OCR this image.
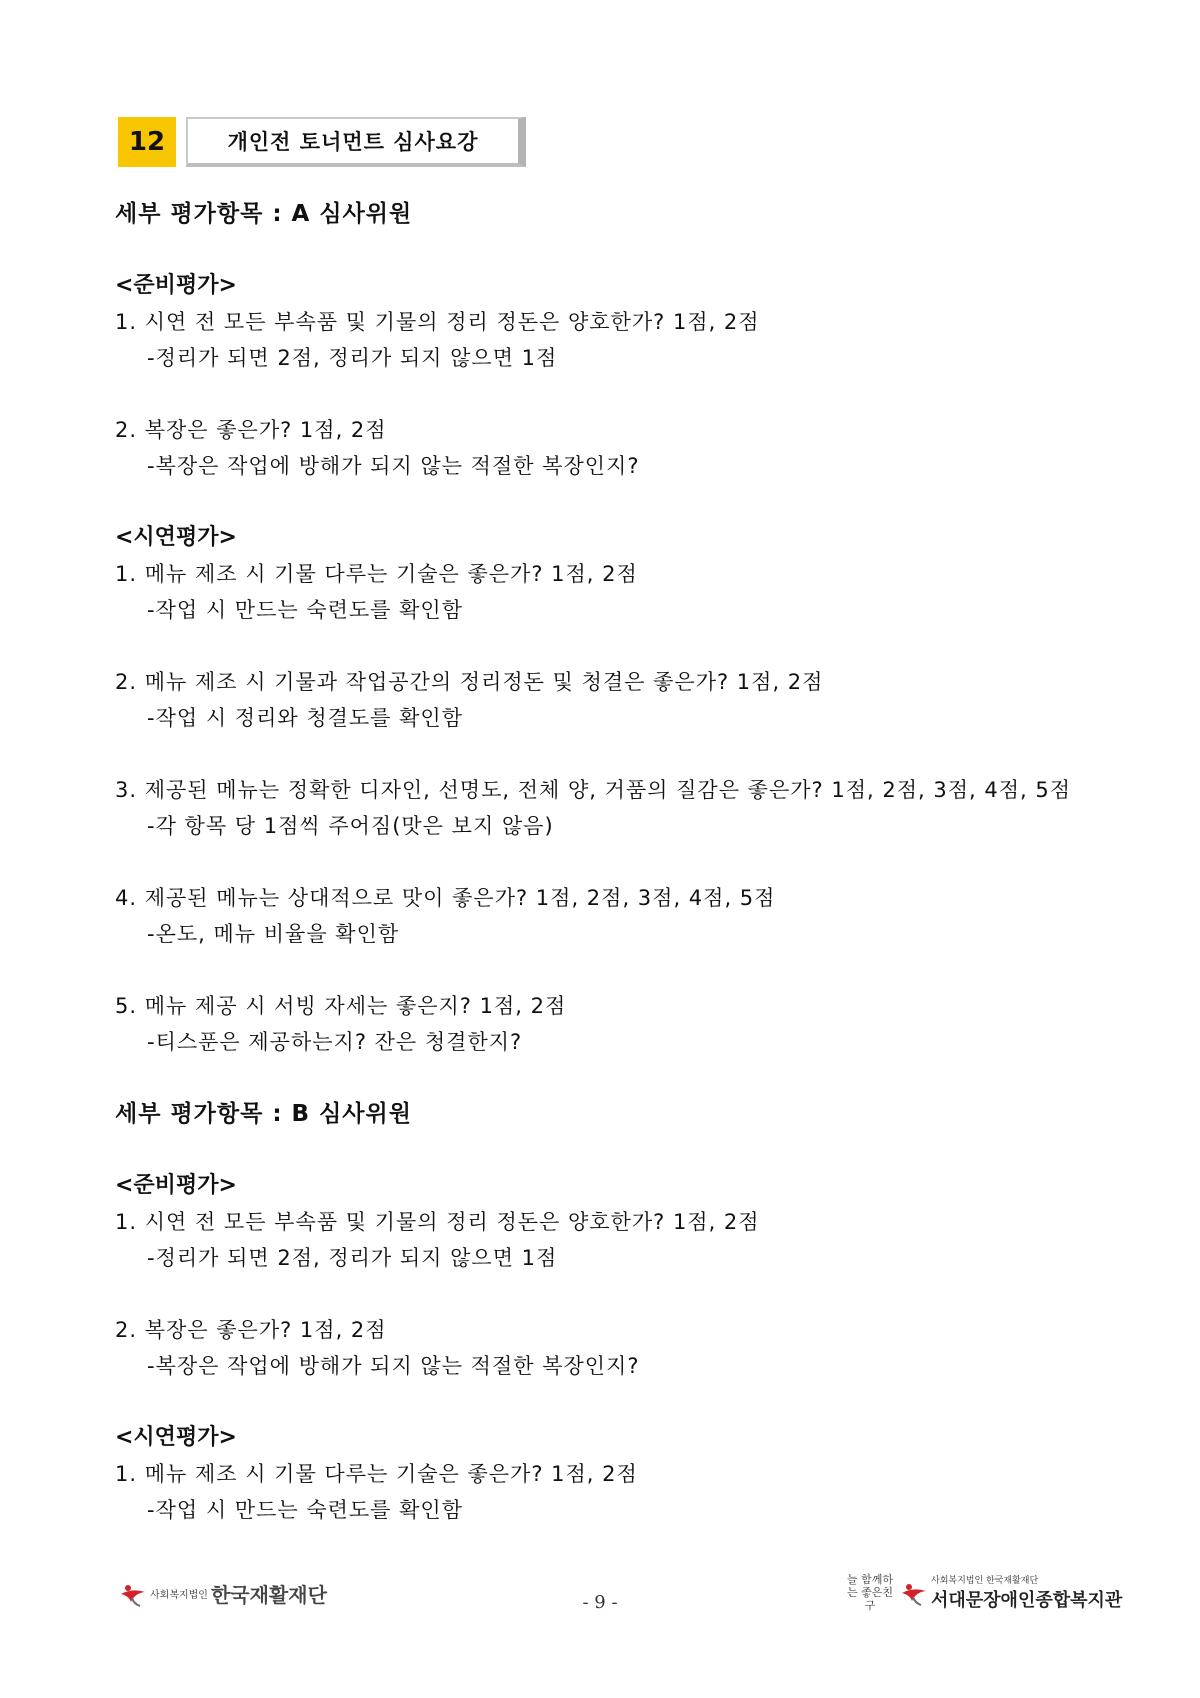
12	개인전 토너먼트 심사요강
세부 평가항목 : A 심사위원
<준비평가>
1. 시연 전 모든 부속품 및 기물의 정리 정돈은 양호한가? 1점, 2점
-정리가 되면 2점, 정리가 되지 않으면 1점
2. 복장은 좋은가? 1점, 2점
-복장은 작업에 방해가 되지 않는 적절한 복장인지?
<시연평가>
1. 메뉴 제조 시 기물 다루는 기술은 좋은가? 1점, 2점
-작업 시 만드는 숙련도를 확인함
2. 메뉴 제조 시 기물과 작업공간의 정리정돈 및 청결은 좋은가? 1점, 2점
-작업 시 정리와 청결도를 확인함
3. 제공된 메뉴는 정확한 디자인, 선명도, 전체 양, 거품의 질감은 좋은가? 1점, 2점, 3점, 4점, 5점
-각 항목 당 1점씩 주어짐(맛은 보지 않음)
4. 제공된 메뉴는 상대적으로 맛이 좋은가? 1점, 2점, 3점, 4점, 5점
-온도, 메뉴 비율을 확인함
5. 메뉴 제공 시 서빙 자세는 좋은지? 1점, 2점
-티스푼은 제공하는지? 잔은 청결한지?
세부 평가항목 : B 심사위원
<준비평가>
1. 시연 전 모든 부속품 및 기물의 정리 정돈은 양호한가? 1점, 2점
-정리가 되면 2점, 정리가 되지 않으면 1점
2. 복장은 좋은가? 1점, 2점
-복장은 작업에 방해가 되지 않는 적절한 복장인지?
<시연평가>
1. 메뉴 제조 시 기물 다루는 기술은 좋은가? 1점, 2점
-작업 시 만드는 숙련도를 확인함
사회복지법인 한국재활재단	- 9 -
늘 함께하는 좋은친구
사회복지법인 한국재활재단
서대문장애인종합복지관
